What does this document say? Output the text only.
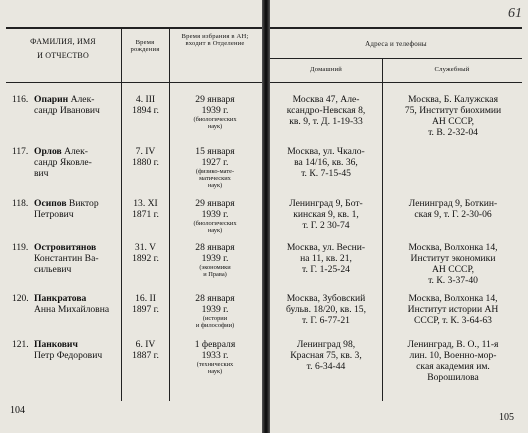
ФАМИЛИЯ, ИМЯ
И ОТЧЕСТВО
Время рождения
Время избрания в АН; входит в Отделение
116. Опарин Алек-
сандр Иванович
4. III
1894 г.
29 января
1939 г.
(биологических
наук)
117. Орлов Алек-
сандр Яковле-
вич
7. IV
1880 г.
15 января
1927 г.
(физико-мате-
матических
наук)
118. Осипов Виктор
Петрович
13. XI
1871 г.
29 января
1939 г.
(биологических
наук)
119. Островитянов
Константин Ва-
сильевич
31. V
1892 г.
28 января
1939 г.
(экономики
и Права)
120. Панкратова
Анна Михайловна
16. II
1897 г.
28 января
1939 г.
(истории
и философии)
121. Панкович
Петр Федорович
6. IV
1887 г.
1 февраля
1933 г.
(технических
наук)
104
61
Адреса и телефоны
Домашний	Служебный
Москва 47, Але-
ксандро-Невская 8,
кв. 9, т. Д. 1-19-33
Москва, Б. Калужская
75, Институт биохимии
АН СССР,
т. В. 2-32-04
Москва, ул. Чкало-
ва 14/16, кв. 36,
т. К. 7-15-45
Ленинград 9, Бот-
кинская 9, кв. 1,
т. Г. 2 30-74
Ленинград 9, Боткин-
ская 9, т. Г. 2-30-06
Москва, ул. Весни-
на 11, кв. 21,
т. Г. 1-25-24
Москва, Волхонка 14,
Институт экономики
АН СССР,
т. К. 3-37-40
Москва, Зубовский
бульв. 18/20, кв. 15,
т. Г. 6-77-21
Москва, Волхонка 14,
Институт истории АН
СССР, т. К. 3-64-63
Ленинград 98,
Красная 75, кв. 3,
т. 6-34-44
Ленинград, В. О., 11-я
лин. 10, Военно-мор-
ская академия им.
Ворошилова
105
